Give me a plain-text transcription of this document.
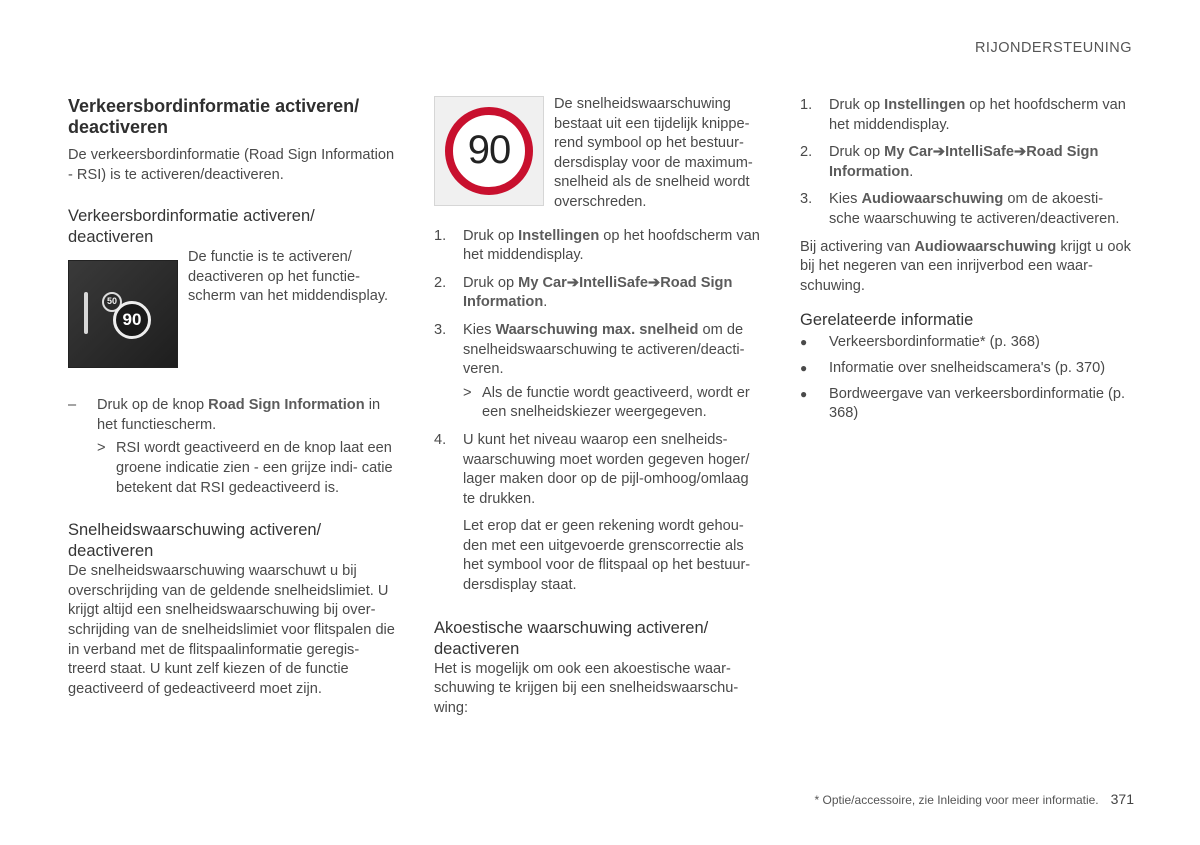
RIJONDERSTEUNING
Verkeersbordinformatie activeren/ deactiveren

De verkeersbordinformatie (Road Sign Information - RSI) is te activeren/deactiveren.

Verkeersbordinformatie activeren/ deactiveren
50
90

De functie is te activeren/ deactiveren op het functie- scherm van het middendisplay.

–	Druk op de knop Road Sign Information in het functiescherm.

> RSI wordt geactiveerd en de knop laat een groene indicatie zien - een grijze indi- catie betekent dat RSI gedeactiveerd is.

Snelheidswaarschuwing activeren/ deactiveren

De snelheidswaarschuwing waarschuwt u bij overschrijding van de geldende snelheidslimiet. U krijgt altijd een snelheidswaarschuwing bij over- schrijding van de snelheidslimiet voor flitspalen die in verband met de flitspaalinformatie geregis- treerd staat. U kunt zelf kiezen of de functie geactiveerd of gedeactiveerd moet zijn.

90

De snelheidswaarschuwing bestaat uit een tijdelijk knippe- rend symbool op het bestuur- dersdisplay voor de maximum- snelheid als de snelheid wordt overschreden.

1.	Druk op Instellingen op het hoofdscherm van het middendisplay.

2.	Druk op My Car➔IntelliSafe➔Road Sign Information.

3.	Kies Waarschuwing max. snelheid om de snelheidswaarschuwing te activeren/deacti- veren.

> Als de functie wordt geactiveerd, wordt er een snelheidskiezer weergegeven.

4.	U kunt het niveau waarop een snelheids- waarschuwing moet worden gegeven hoger/ lager maken door op de pijl-omhoog/omlaag te drukken.

Let erop dat er geen rekening wordt gehou- den met een uitgevoerde grenscorrectie als het symbool voor de flitspaal op het bestuur- dersdisplay staat.

Akoestische waarschuwing activeren/ deactiveren

Het is mogelijk om ook een akoestische waar- schuwing te krijgen bij een snelheidswaarschu- wing:

1.	Druk op Instellingen op het hoofdscherm van het middendisplay.

2.	Druk op My Car➔IntelliSafe➔Road Sign Information.

3.	Kies Audiowaarschuwing om de akoesti- sche waarschuwing te activeren/deactiveren.

Bij activering van Audiowaarschuwing krijgt u ook bij het negeren van een inrijverbod een waar- schuwing.

Gerelateerde informatie
●	Verkeersbordinformatie* (p. 368)
●	Informatie over snelheidscamera's (p. 370)
●	Bordweergave van verkeersbordinformatie (p. 368)
* Optie/accessoire, zie Inleiding voor meer informatie. 371
